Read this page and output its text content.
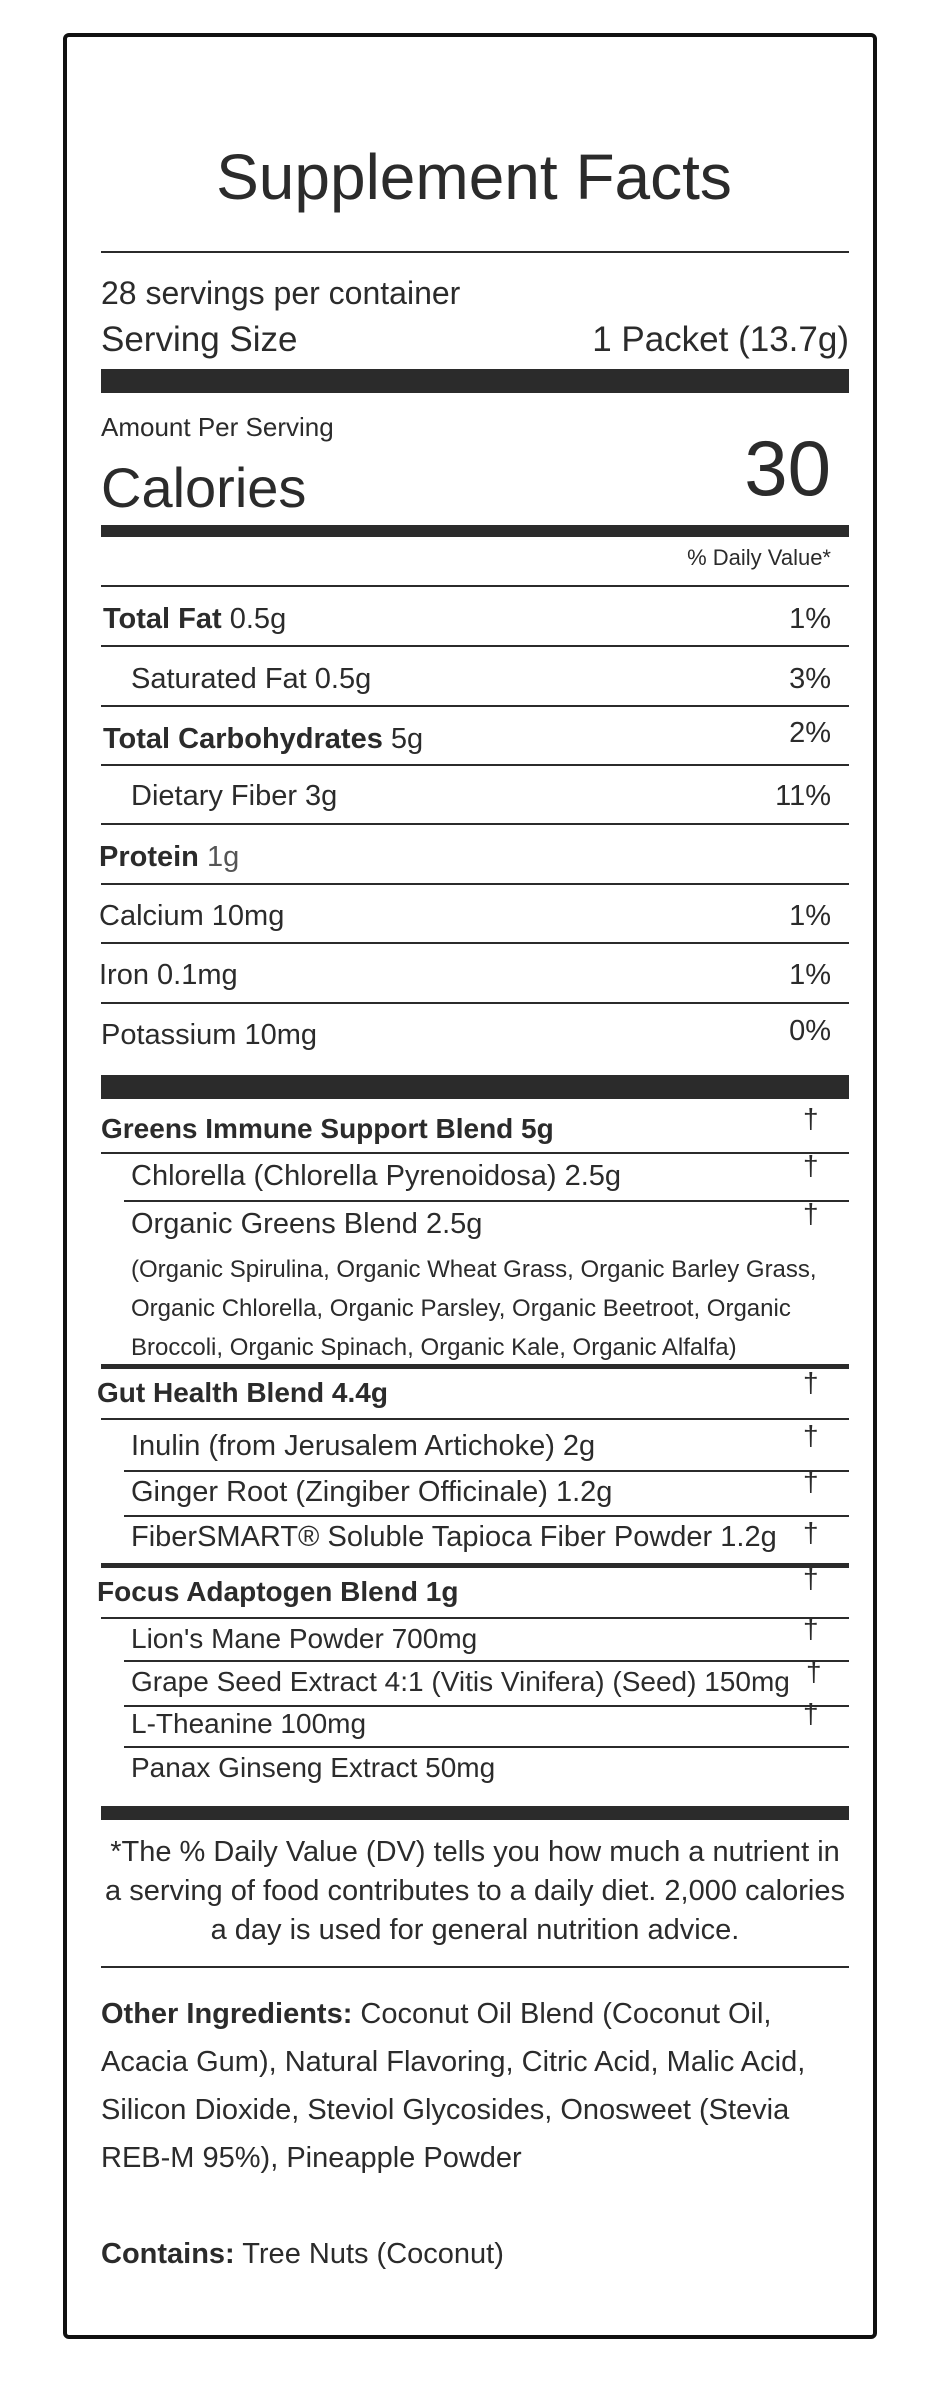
Supplement Facts
28 servings per container
Serving Size	1 Packet (13.7g)
Amount Per Serving
Calories	30
% Daily Value*
Total Fat 0.5g	1%
Saturated Fat 0.5g	3%
Total Carbohydrates 5g	2%
Dietary Fiber 3g	11%
Protein 1g
Calcium 10mg	1%
Iron 0.1mg	1%
Potassium 10mg	0%
Greens Immune Support Blend 5g	†
Chlorella (Chlorella Pyrenoidosa) 2.5g	†
Organic Greens Blend 2.5g	†
(Organic Spirulina, Organic Wheat Grass, Organic Barley Grass, Organic Chlorella, Organic Parsley, Organic Beetroot, Organic Broccoli, Organic Spinach, Organic Kale, Organic Alfalfa)
Gut Health Blend 4.4g	†
Inulin (from Jerusalem Artichoke) 2g	†
Ginger Root (Zingiber Officinale) 1.2g	†
FiberSMART® Soluble Tapioca Fiber Powder 1.2g †
Focus Adaptogen Blend 1g	†
Lion's Mane Powder 700mg	†
Grape Seed Extract 4:1 (Vitis Vinifera) (Seed) 150mg †
L-Theanine 100mg	†
Panax Ginseng Extract 50mg
*The % Daily Value (DV) tells you how much a nutrient in a serving of food contributes to a daily diet. 2,000 calories a day is used for general nutrition advice.
Other Ingredients: Coconut Oil Blend (Coconut Oil, Acacia Gum), Natural Flavoring, Citric Acid, Malic Acid, Silicon Dioxide, Steviol Glycosides, Onosweet (Stevia REB-M 95%), Pineapple Powder
Contains: Tree Nuts (Coconut)
